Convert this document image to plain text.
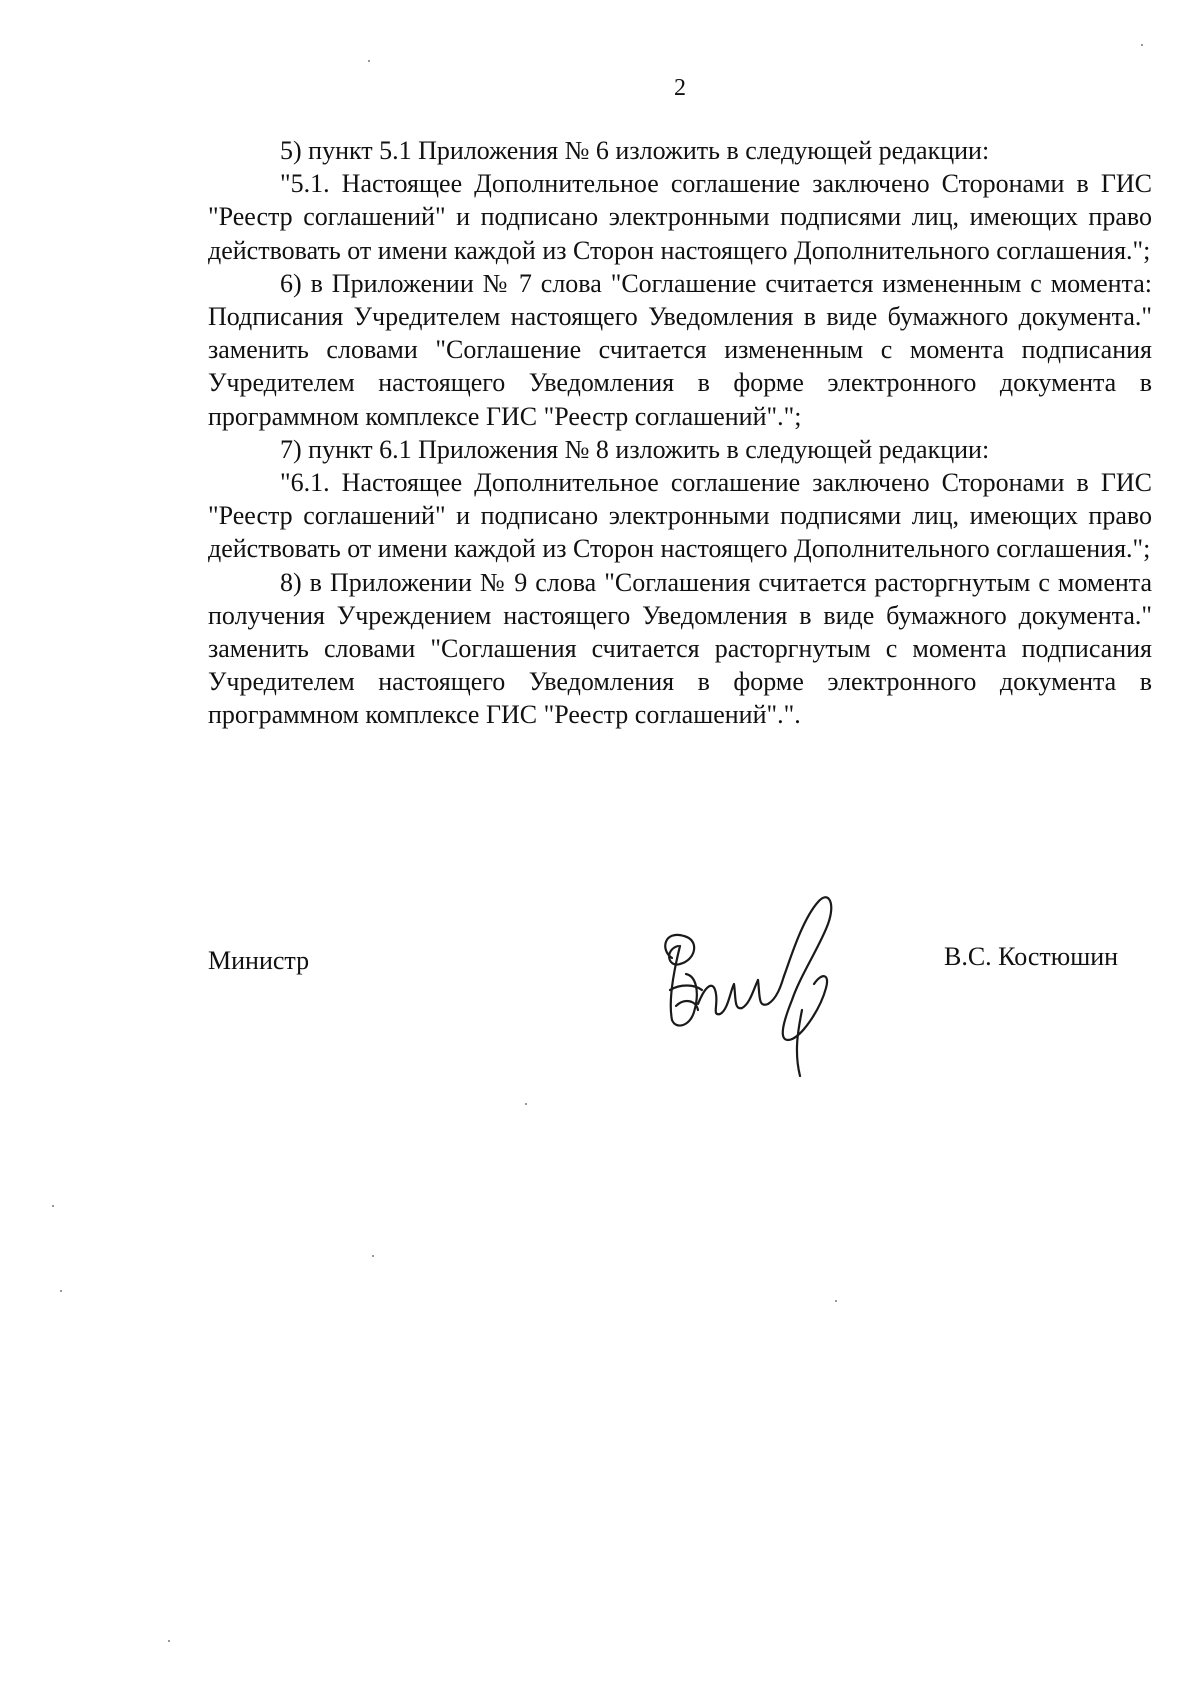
2

5) пункт 5.1 Приложения № 6 изложить в следующей редакции:

"5.1. Настоящее Дополнительное соглашение заключено Сторонами в ГИС "Реестр соглашений" и подписано электронными подписями лиц, имеющих право действовать от имени каждой из Сторон настоящего Дополнительного соглашения.";

6) в Приложении № 7 слова "Соглашение считается измененным с момента: Подписания Учредителем настоящего Уведомления в виде бумажного документа." заменить словами "Соглашение считается измененным с момента подписания Учредителем настоящего Уведомления в форме электронного документа в программном комплексе ГИС "Реестр соглашений".";

7) пункт 6.1 Приложения № 8 изложить в следующей редакции:

"6.1. Настоящее Дополнительное соглашение заключено Сторонами в ГИС "Реестр соглашений" и подписано электронными подписями лиц, имеющих право действовать от имени каждой из Сторон настоящего Дополнительного соглашения.";

8) в Приложении № 9 слова "Соглашения считается расторгнутым с момента получения Учреждением настоящего Уведомления в виде бумажного документа." заменить словами "Соглашения считается расторгнутым с момента подписания Учредителем настоящего Уведомления в форме электронного документа в программном комплексе ГИС "Реестр соглашений".".

Министр	В.С. Костюшин
